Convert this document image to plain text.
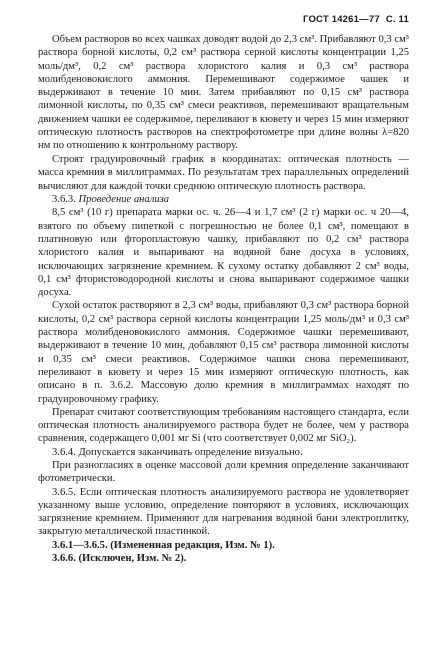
ГОСТ 14261—77 С. 11

Объем растворов во всех чашках доводят водой до 2,3 см³. Прибавляют 0,3 см³ раствора борной кислоты, 0,2 см³ раствора серной кислоты концентрации 1,25 моль/дм³, 0,2 см³ раствора хлористого калия и 0,3 см³ раствора молибденовокислого аммония. Перемешивают содержимое чашек и выдерживают в течение 10 мин. Затем прибавляют по 0,15 см³ раствора лимонной кислоты, по 0,35 см³ смеси реактивов, перемешивают вращательным движением чашки ее содержимое, переливают в кювету и через 15 мин измеряют оптическую плотность растворов на спектрофотометре при длине волны λ=820 нм по отношению к контрольному раствору.

Строят градуировочный график в координатах: оптическая плотность — масса кремния в миллиграммах. По результатам трех параллельных определений вычисляют для каждой точки среднюю оптическую плотность раствора.

3.6.3. Проведение анализа

8,5 см³ (10 г) препарата марки ос. ч. 26—4 и 1,7 см³ (2 г) марки ос. ч 20—4, взятого по объему пипеткой с погрешностью не более 0,1 см³, помещают в платиновую или фторопластовую чашку, прибавляют по 0,2 см³ раствора хлористого калия и выпаривают на водяной бане досуха в условиях, исключающих загрязнение кремнием. К сухому остатку добавляют 2 см³ воды, 0,1 см³ фтористоводородной кислоты и снова выпаривают содержимое чашки досуха.

Сухой остаток растворяют в 2,3 см³ воды, прибавляют 0,3 см³ раствора борной кислоты, 0,2 см³ раствора серной кислоты концентрации 1,25 моль/дм³ и 0,3 см³ раствора молибденовокислого аммония. Содержимое чашки перемешивают, выдерживают в течение 10 мин, добавляют 0,15 см³ раствора лимонной кислоты и 0,35 см³ смеси реактивов. Содержимое чашки снова перемешивают, переливают в кювету и через 15 мин измеряют оптическую плотность, как описано в п. 3.6.2. Массовую долю кремния в миллиграммах находят по градуировочному графику.

Препарат считают соответствующим требованиям настоящего стандарта, если оптическая плотность анализируемого раствора будет не более, чем у раствора сравнения, содержащего 0,001 мг Si (что соответствует 0,002 мг SiO₂).

3.6.4. Допускается заканчивать определение визуально.

При разногласиях в оценке массовой доли кремния определение заканчивают фотометрически.

3.6.5. Если оптическая плотность анализируемого раствора не удовлетворяет указанному выше условию, определение повторяют в условиях, исключающих загрязнение кремнием. Применяют для нагревания водяной бани электроплитку, закрытую металлической пластинкой.

3.6.1—3.6.5. (Измененная редакция, Изм. № 1).

3.6.6. (Исключен, Изм. № 2).
